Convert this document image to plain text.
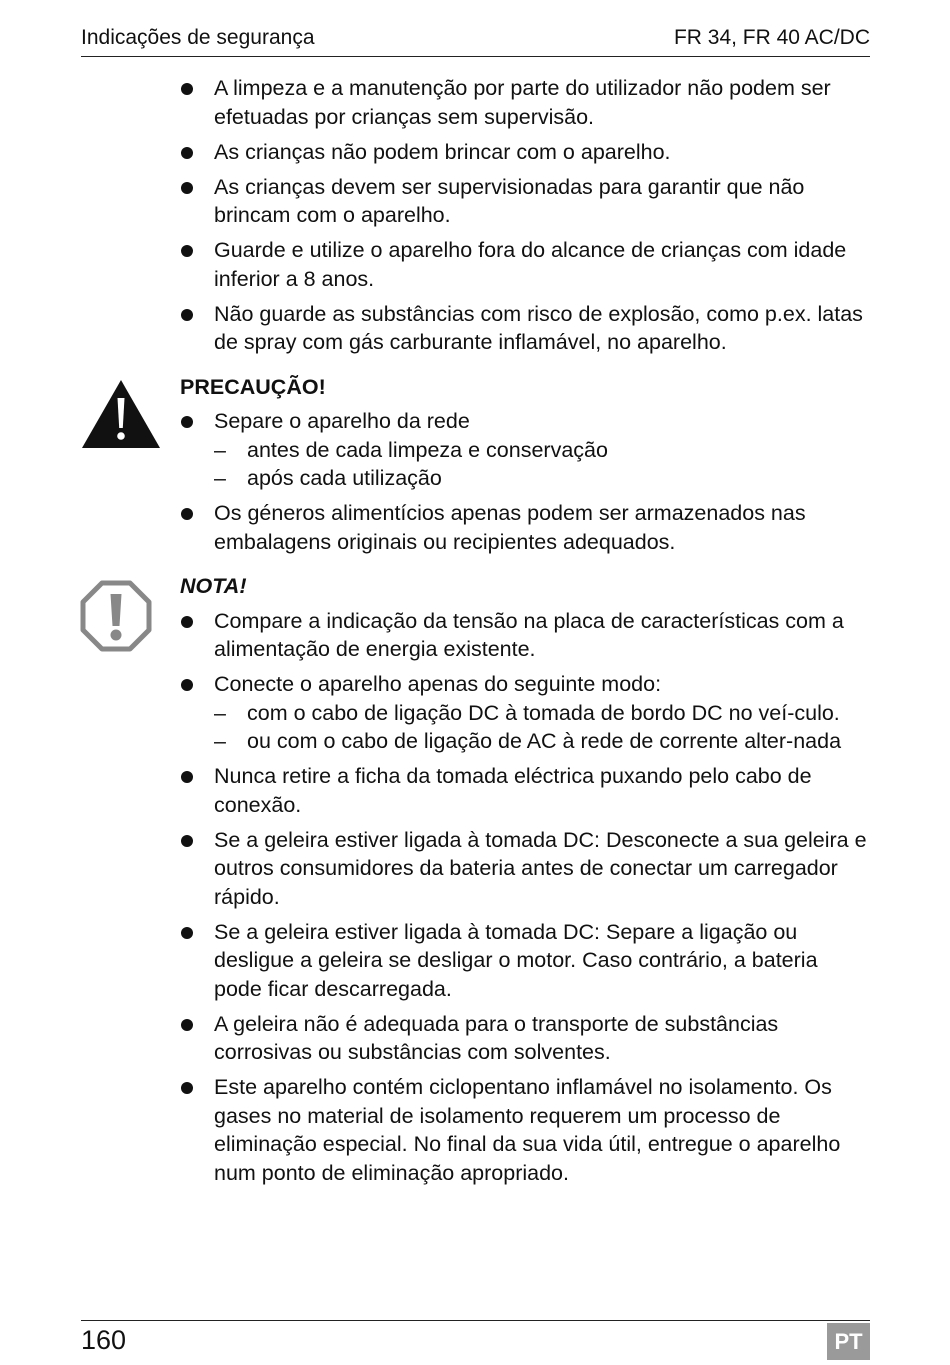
Indicações de segurança	FR 34, FR 40 AC/DC
A limpeza e a manutenção por parte do utilizador não podem ser efetuadas por crianças sem supervisão.
As crianças não podem brincar com o aparelho.
As crianças devem ser supervisionadas para garantir que não brincam com o aparelho.
Guarde e utilize o aparelho fora do alcance de crianças com idade inferior a 8 anos.
Não guarde as substâncias com risco de explosão, como p.ex. latas de spray com gás carburante inflamável, no aparelho.
PRECAUÇÃO!
Separe o aparelho da rede
– antes de cada limpeza e conservação
– após cada utilização
Os géneros alimentícios apenas podem ser armazenados nas embalagens originais ou recipientes adequados.
NOTA!
Compare a indicação da tensão na placa de características com a alimentação de energia existente.
Conecte o aparelho apenas do seguinte modo:
– com o cabo de ligação DC à tomada de bordo DC no veí-culo.
– ou com o cabo de ligação de AC à rede de corrente alter-nada
Nunca retire a ficha da tomada eléctrica puxando pelo cabo de conexão.
Se a geleira estiver ligada à tomada DC: Desconecte a sua geleira e outros consumidores da bateria antes de conectar um carregador rápido.
Se a geleira estiver ligada à tomada DC: Separe a ligação ou desligue a geleira se desligar o motor. Caso contrário, a bateria pode ficar descarregada.
A geleira não é adequada para o transporte de substâncias corrosivas ou substâncias com solventes.
Este aparelho contém ciclopentano inflamável no isolamento. Os gases no material de isolamento requerem um processo de eliminação especial. No final da sua vida útil, entregue o aparelho num ponto de eliminação apropriado.
160	PT
